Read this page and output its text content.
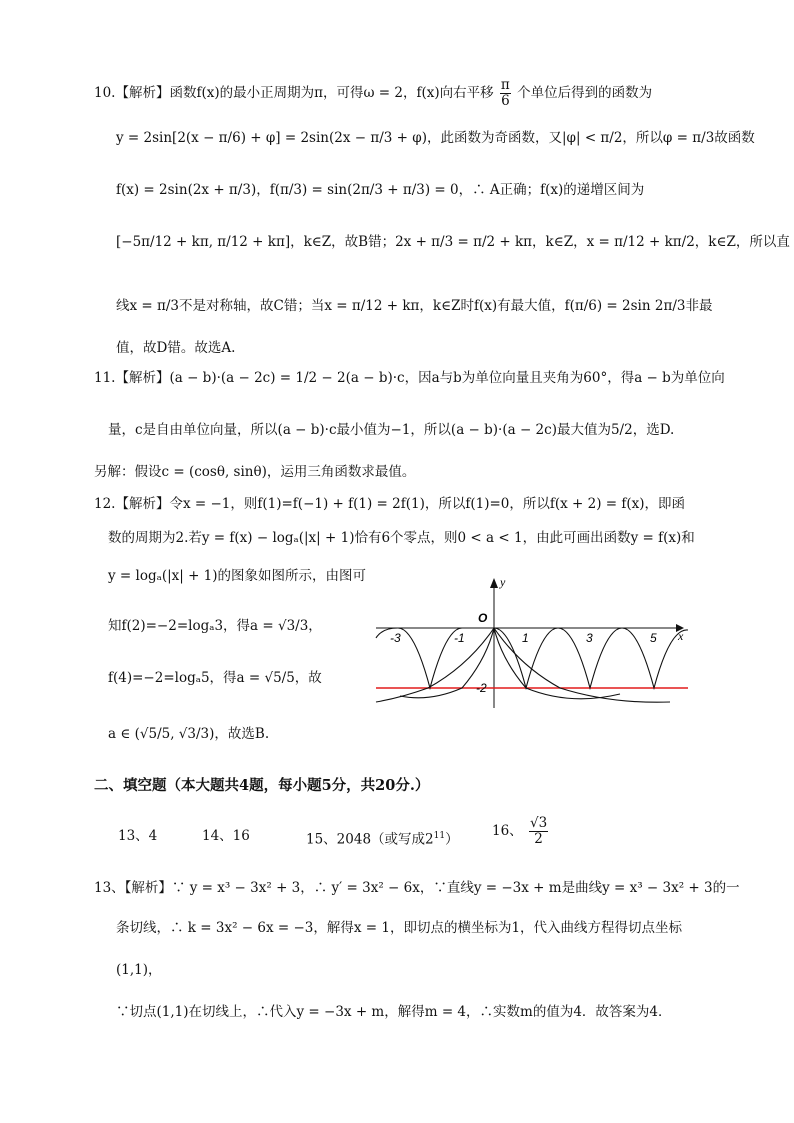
10.【解析】函数f(x)的最小正周期为π，可得ω = 2，f(x)向右平移 $\frac{\pi}{6}$ 个单位后得到的函数为
y = 2sin[2(x − π/6) + φ] = 2sin(2x − π/3 + φ)，此函数为奇函数，又|φ| < π/2，所以φ = π/3故函数
f(x) = 2sin(2x + π/3)，f(π/3) = sin(2π/3 + π/3) = 0，∴ A正确；f(x)的递增区间为
[−5π/12 + kπ, π/12 + kπ]，k∈Z，故B错；2x + π/3 = π/2 + kπ，k∈Z，x = π/12 + kπ/2，k∈Z，所以直
线x = π/3不是对称轴，故C错；当x = π/12 + kπ，k∈Z时f(x)有最大值，f(π/6) = 2sin 2π/3非最
值，故D错。故选A.
11.【解析】(a − b)·(a − 2c) = 1/2 − 2(a − b)·c，因a与b为单位向量且夹角为60°，得a − b为单位向
量，c是自由单位向量，所以(a − b)·c最小值为−1，所以(a − b)·(a − 2c)最大值为5/2，选D.
另解：假设c = (cosθ, sinθ)，运用三角函数求最值。
12.【解析】令x = −1，则f(1)=f(−1) + f(1) = 2f(1)，所以f(1)=0，所以f(x + 2) = f(x)，即函
数的周期为2.若y = f(x) − logₐ(|x| + 1)恰有6个零点，则0 < a < 1，由此可画出函数y = f(x)和
y = logₐ(|x| + 1)的图象如图所示，由图可
知f(2)=−2=logₐ3，得a = √3/3，
f(4)=−2=logₐ5，得a = √5/5，故
a ∈ (√5/5, √3/3)，故选B.
O
y
x
-3	-1	1	3	5
-2
二、填空题（本大题共4题，每小题5分，共20分.）
13、4	14、16	15、2048（或写成$2^{11}$）
16、 $\frac{√3}{2}$
13、【解析】∵ y = x³ − 3x² + 3，∴ y′ = 3x² − 6x，∵直线y = −3x + m是曲线y = x³ − 3x² + 3的一
条切线，∴ k = 3x² − 6x = −3，解得x = 1，即切点的横坐标为1，代入曲线方程得切点坐标
(1,1)，
∵切点(1,1)在切线上，∴代入y = −3x + m，解得m = 4，∴实数m的值为4．故答案为4．
